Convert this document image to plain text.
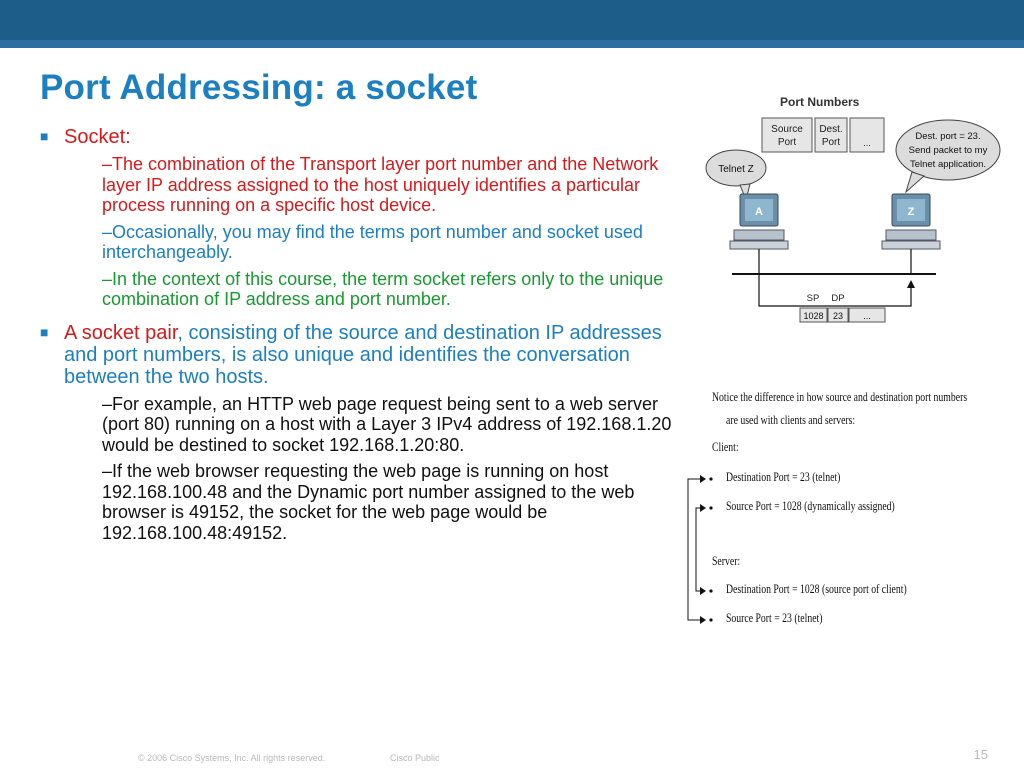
Port Addressing: a socket
■ Socket:
–The combination of the Transport layer port number and the Network layer IP address assigned to the host uniquely identifies a particular process running on a specific host device.
–Occasionally, you may find the terms port number and socket used interchangeably.
–In the context of this course, the term socket refers only to the unique combination of IP address and port number.
■ A socket pair, consisting of the source and destination IP addresses and port numbers, is also unique and identifies the conversation between the two hosts.
–For example, an HTTP web page request being sent to a web server (port 80) running on a host with a Layer 3 IPv4 address of 192.168.1.20 would be destined to socket 192.168.1.20:80.
–If the web browser requesting the web page is running on host 192.168.100.48 and the Dynamic port number assigned to the web browser is 49152, the socket for the web page would be 192.168.100.48:49152.
Port Numbers
Source
Port
Dest.
Port	...
Telnet Z
Dest. port = 23.
Send packet to my
Telnet application.
A	Z
SP DP
1028 23 ...
Notice the difference in how source and destination port numbers
are used with clients and servers:
Client:
Destination Port = 23 (telnet)
Source Port = 1028 (dynamically assigned)
Server:
Destination Port = 1028 (source port of client)
Source Port = 23 (telnet)
© 2006 Cisco Systems, Inc. All rights reserved.	Cisco Public	15
